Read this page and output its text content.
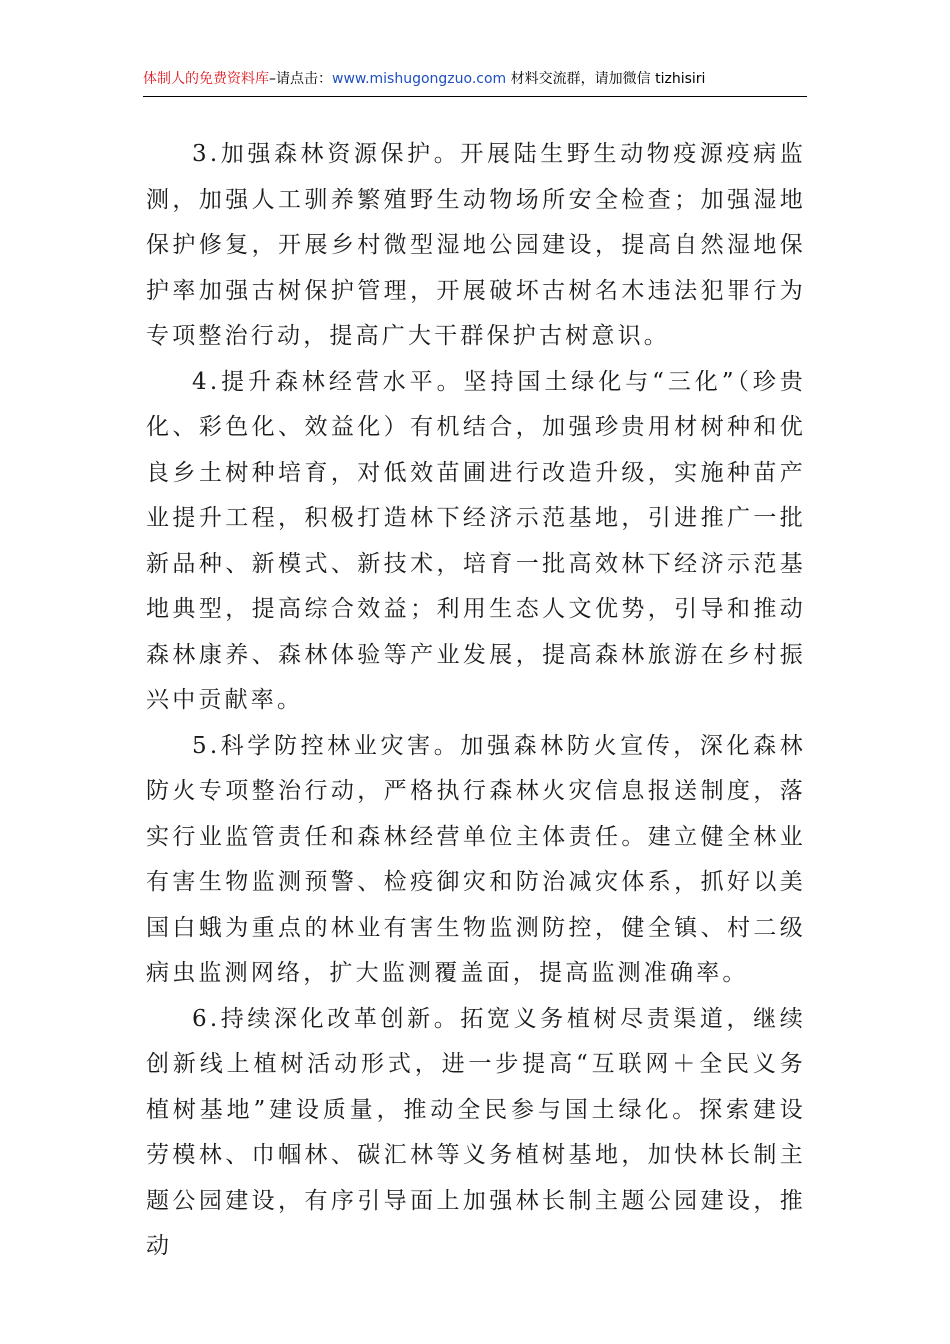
体制人的免费资料库–请点击：www.mishugongzuo.com 材料交流群，请加微信 tizhisiri

3.加强森林资源保护。开展陆生野生动物疫源疫病监测，加强人工驯养繁殖野生动物场所安全检查；加强湿地保护修复，开展乡村微型湿地公园建设，提高自然湿地保护率加强古树保护管理，开展破坏古树名木违法犯罪行为专项整治行动，提高广大干群保护古树意识。

4.提升森林经营水平。坚持国土绿化与“三化”（珍贵化、彩色化、效益化）有机结合，加强珍贵用材树种和优良乡土树种培育，对低效苗圃进行改造升级，实施种苗产业提升工程，积极打造林下经济示范基地，引进推广一批新品种、新模式、新技术，培育一批高效林下经济示范基地典型，提高综合效益；利用生态人文优势，引导和推动森林康养、森林体验等产业发展，提高森林旅游在乡村振兴中贡献率。

5.科学防控林业灾害。加强森林防火宣传，深化森林防火专项整治行动，严格执行森林火灾信息报送制度，落实行业监管责任和森林经营单位主体责任。建立健全林业有害生物监测预警、检疫御灾和防治减灾体系，抓好以美国白蛾为重点的林业有害生物监测防控，健全镇、村二级病虫监测网络，扩大监测覆盖面，提高监测准确率。

6.持续深化改革创新。拓宽义务植树尽责渠道，继续创新线上植树活动形式，进一步提高“互联网＋全民义务植树基地”建设质量，推动全民参与国土绿化。探索建设劳模林、巾帼林、碳汇林等义务植树基地，加快林长制主题公园建设，有序引导面上加强林长制主题公园建设，推动
